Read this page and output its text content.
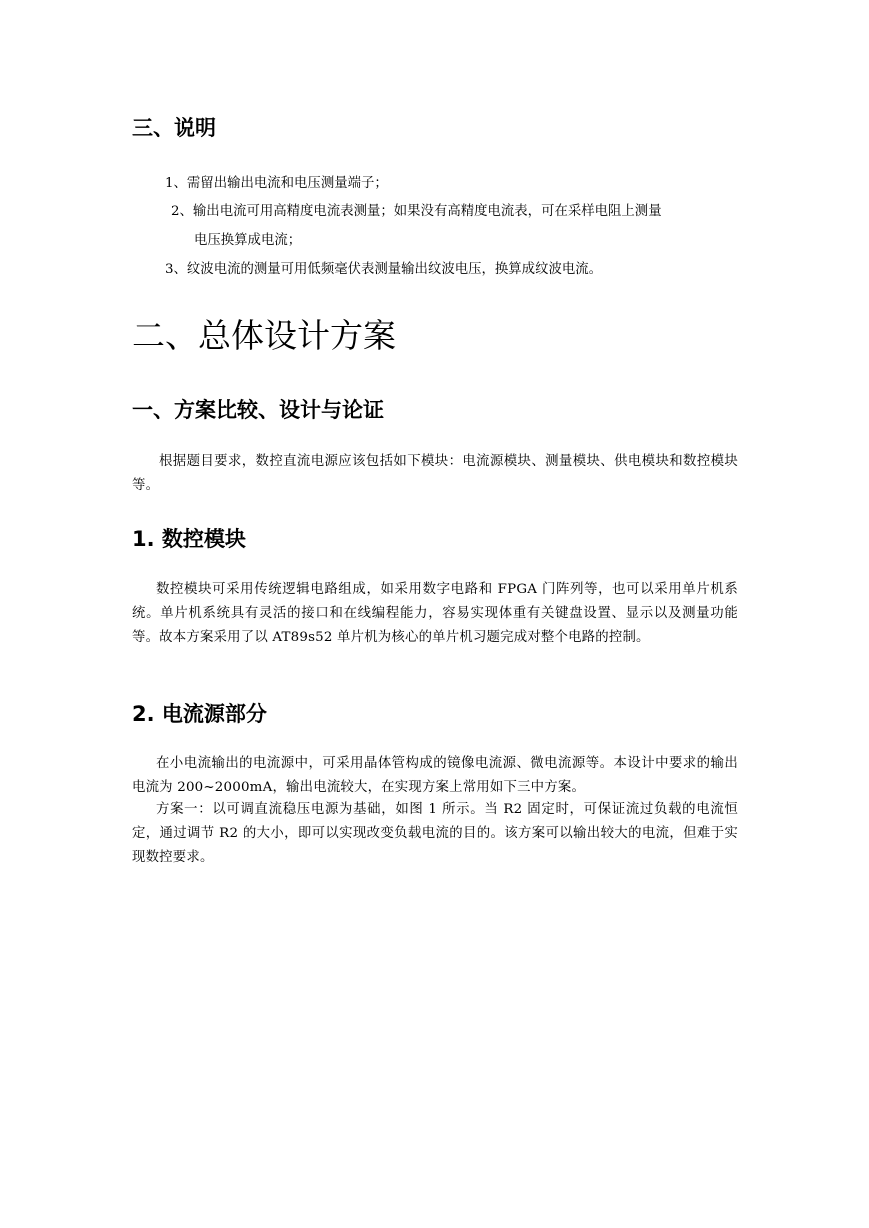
三、说明
1、需留出输出电流和电压测量端子；
2、输出电流可用高精度电流表测量；如果没有高精度电流表，可在采样电阻上测量
电压换算成电流；
3、纹波电流的测量可用低频毫伏表测量输出纹波电压，换算成纹波电流。
二、总体设计方案
一、方案比较、设计与论证
根据题目要求，数控直流电源应该包括如下模块：电流源模块、测量模块、供电模块和数控模块等。
1. 数控模块
数控模块可采用传统逻辑电路组成，如采用数字电路和 FPGA 门阵列等，也可以采用单片机系统。单片机系统具有灵活的接口和在线编程能力，容易实现体重有关键盘设置、显示以及测量功能等。故本方案采用了以 AT89s52 单片机为核心的单片机习题完成对整个电路的控制。
2. 电流源部分
在小电流输出的电流源中，可采用晶体管构成的镜像电流源、微电流源等。本设计中要求的输出电流为 200~2000mA，输出电流较大，在实现方案上常用如下三中方案。
方案一：以可调直流稳压电源为基础，如图 1 所示。当 R2 固定时，可保证流过负载的电流恒定，通过调节 R2 的大小，即可以实现改变负载电流的目的。该方案可以输出较大的电流，但难于实现数控要求。
